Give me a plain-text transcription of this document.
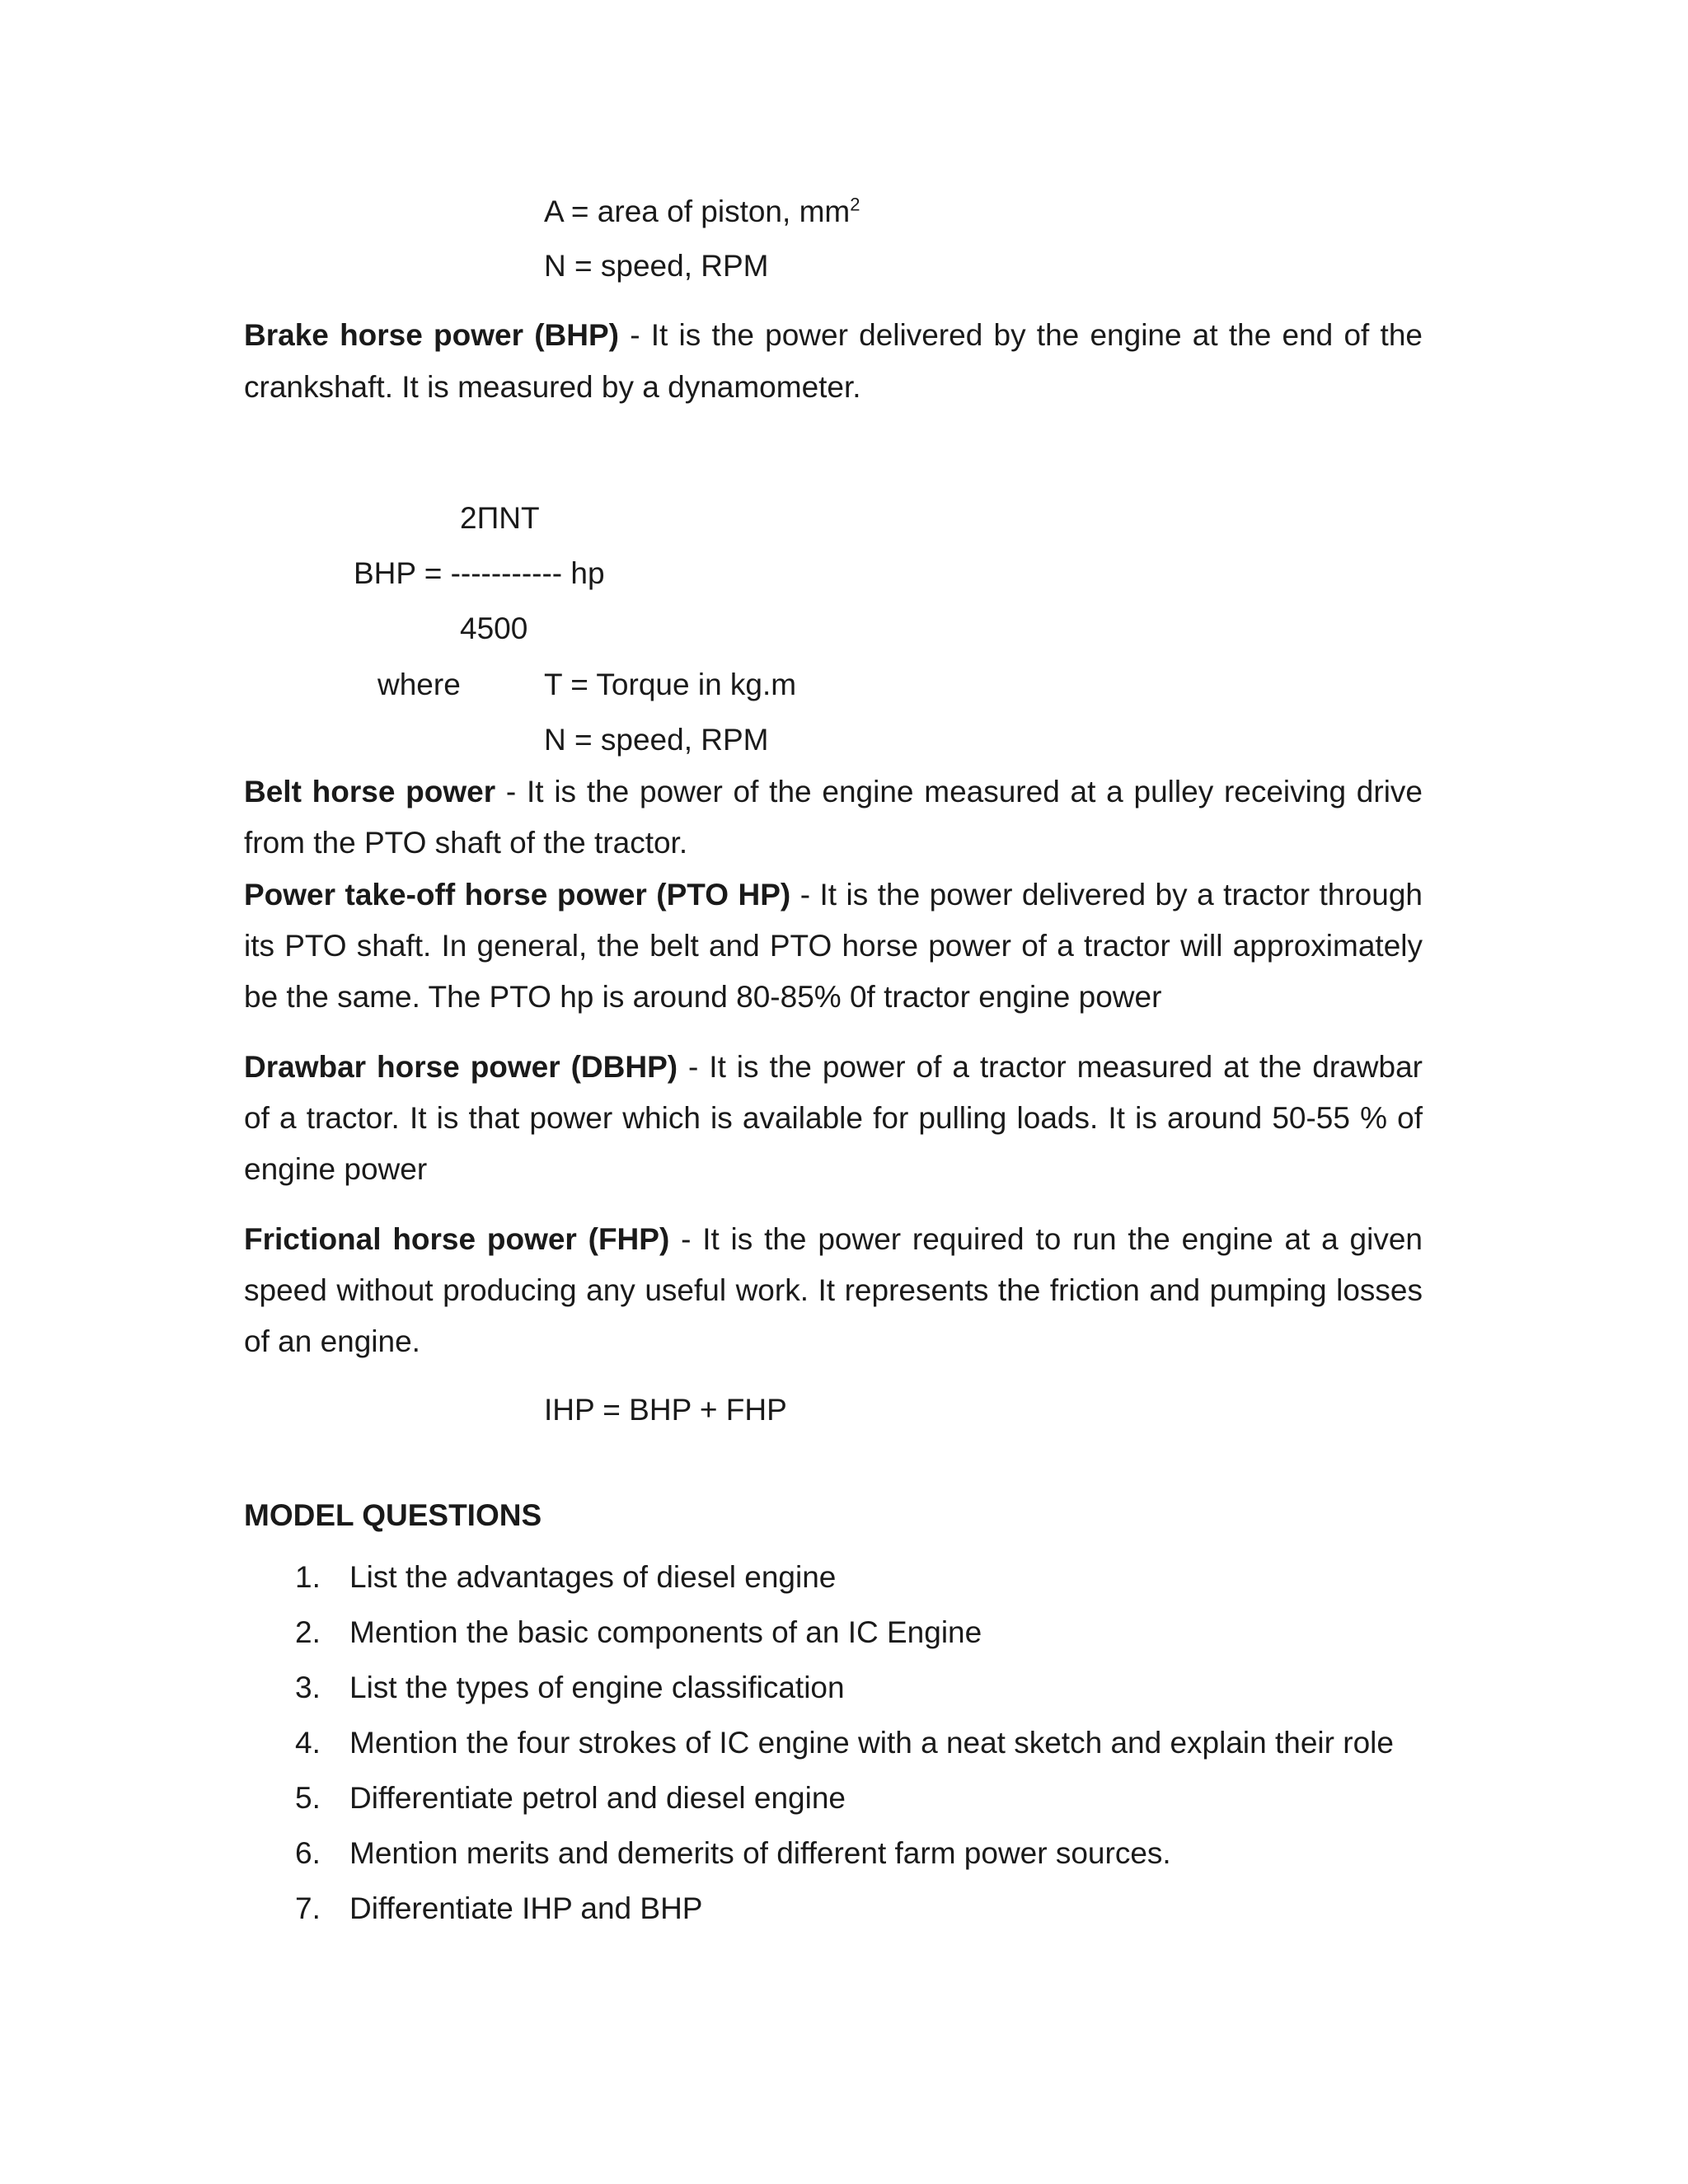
A = area of piston, $mm^2$
N = speed, RPM

Brake horse power (BHP) - It is the power delivered by the engine at the end of the crankshaft. It is measured by a dynamometer.

2ΠNT
BHP = ----------- hp
4500
where	T = Torque in kg.m
N = speed, RPM

Belt horse power - It is the power of the engine measured at a pulley receiving drive from the PTO shaft of the tractor.

Power take-off horse power (PTO HP) - It is the power delivered by a tractor through its PTO shaft. In general, the belt and PTO horse power of a tractor will approximately be the same. The PTO hp is around 80-85% 0f tractor engine power

Drawbar horse power (DBHP) - It is the power of a tractor measured at the drawbar of a tractor. It is that power which is available for pulling loads. It is around 50-55 % of engine power

Frictional horse power (FHP) - It is the power required to run the engine at a given speed without producing any useful work. It represents the friction and pumping losses of an engine.

IHP = BHP + FHP
MODEL QUESTIONS
1. List the advantages of diesel engine
2. Mention the basic components of an IC Engine
3. List the types of engine classification
4. Mention the four strokes of IC engine with a neat sketch and explain their role
5. Differentiate petrol and diesel engine
6. Mention merits and demerits of different farm power sources.
7. Differentiate IHP and BHP
